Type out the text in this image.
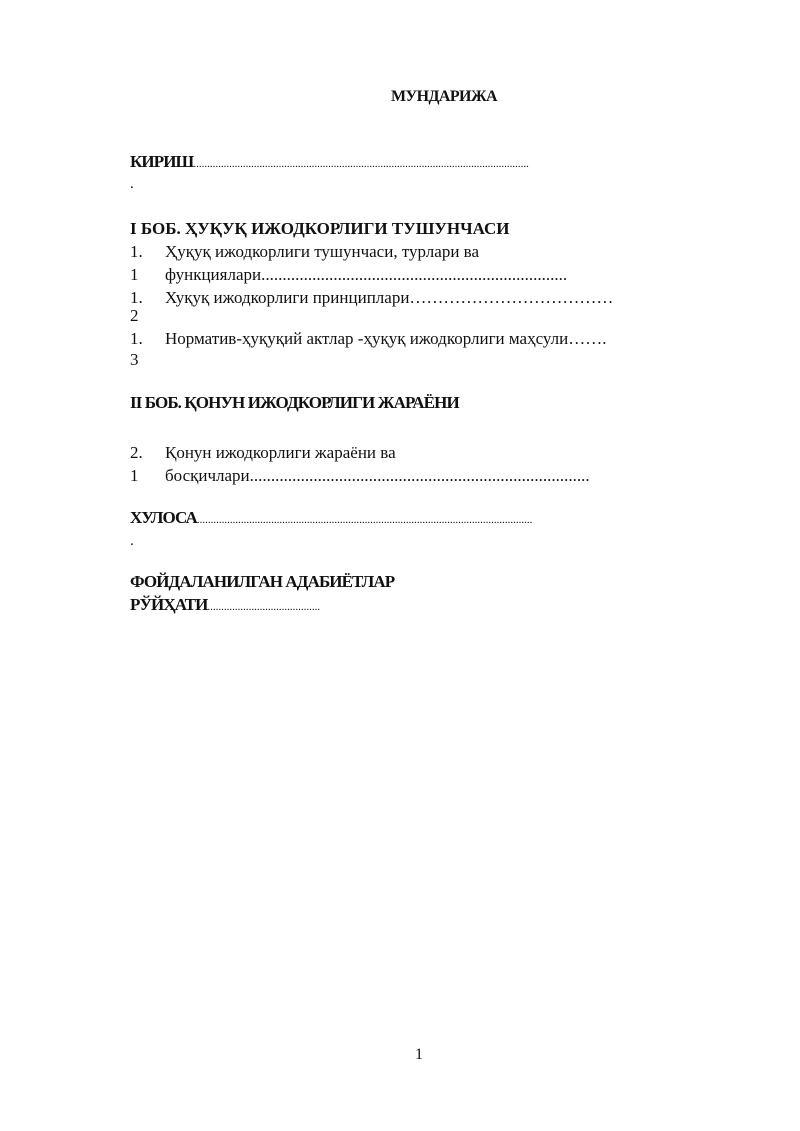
МУНДАРИЖА
КИРИШ..........................................................................................................................
.
I БОБ. ҲУҚУҚ ИЖОДКОРЛИГИ ТУШУНЧАСИ
1. Ҳуқуқ ижодкорлиги тушунчаси, турлари ва
1 функциялари........................................................................
1. Хуқуқ ижодкорлиги принциплари………………………………
2
1. Норматив-ҳуқуқий актлар -ҳуқуқ ижодкорлиги маҳсули…….
3
II БОБ. ҚОНУН ИЖОДКОРЛИГИ ЖАРАЁНИ
2. Қонун ижодкорлиги жараёни ва
1 босқичлари................................................................................
ХУЛОСА..........................................................................................................................
.
ФОЙДАЛАНИЛГАН АДАБИЁТЛАР
РЎЙҲАТИ.........................................
1
